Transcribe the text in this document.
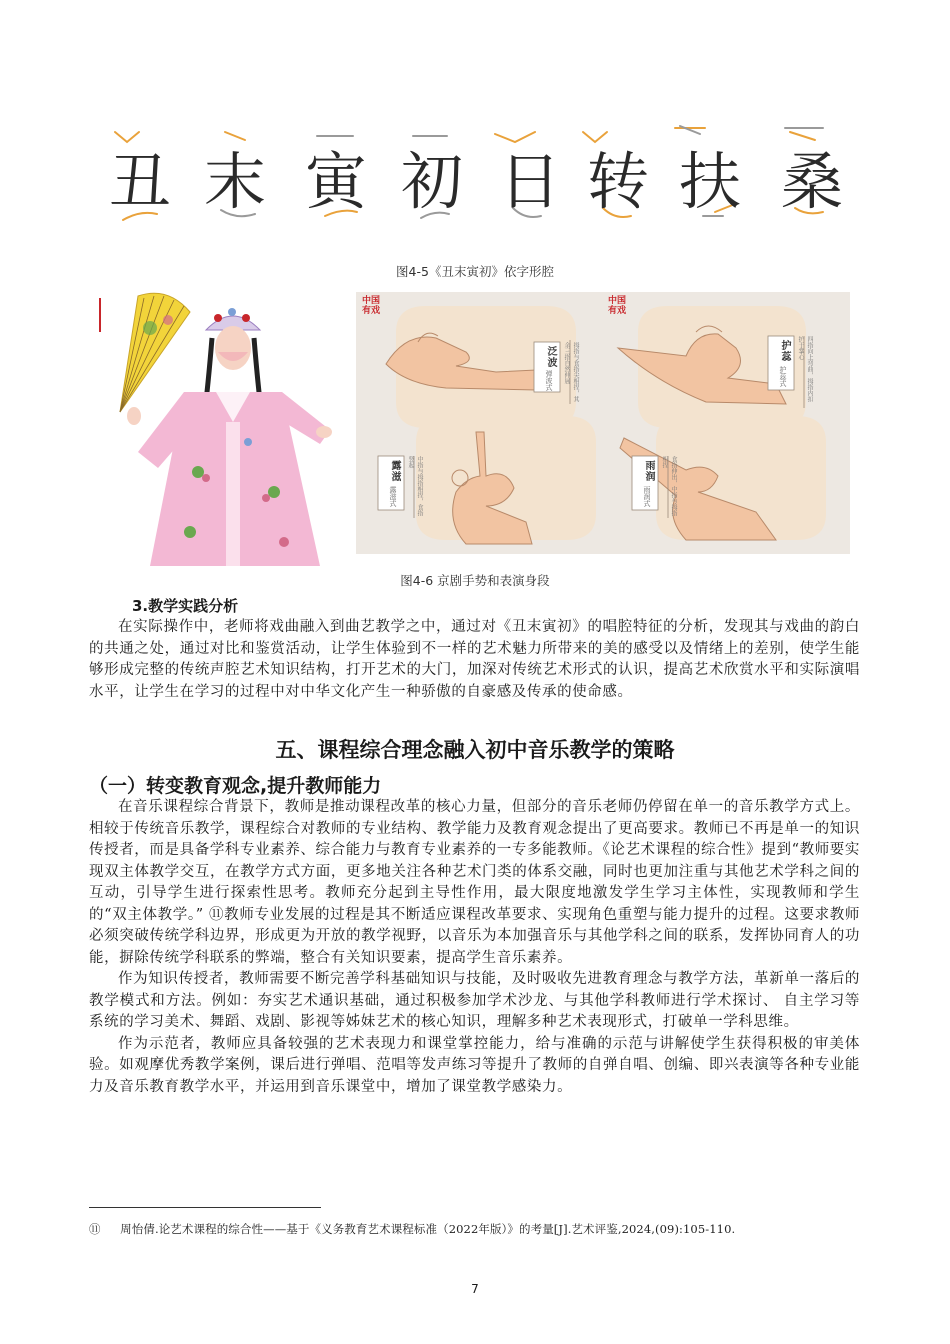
丑 末 寅 初 日 转 扶 桑
图4-5《丑末寅初》依字形腔
中国
有戏
中国
有戏
泛波
弹波式	拇指与食指尖相捏，其余三指自然伸展	护蕊
护蕊式	四指向上弯曲，拇指内扣护于掌心
露滋
露滋式	中指与拇指相捏，食指竖起	雨润
雨润式	食指伸出，中指与拇指相捏
图4-6 京剧手势和表演身段
3.教学实践分析
在实际操作中，老师将戏曲融入到曲艺教学之中，通过对《丑末寅初》的唱腔特征的分析，发现其与戏曲的韵白的共通之处，通过对比和鉴赏活动，让学生体验到不一样的艺术魅力所带来的美的感受以及情绪上的差别，使学生能够形成完整的传统声腔艺术知识结构，打开艺术的大门，加深对传统艺术形式的认识，提高艺术欣赏水平和实际演唱水平，让学生在学习的过程中对中华文化产生一种骄傲的自豪感及传承的使命感。
五、课程综合理念融入初中音乐教学的策略
（一）转变教育观念,提升教师能力
在音乐课程综合背景下，教师是推动课程改革的核心力量，但部分的音乐老师仍停留在单一的音乐教学方式上。相较于传统音乐教学，课程综合对教师的专业结构、教学能力及教育观念提出了更高要求。教师已不再是单一的知识传授者，而是具备学科专业素养、综合能力与教育专业素养的一专多能教师。《论艺术课程的综合性》提到“教师要实现双主体教学交互，在教学方式方面，更多地关注各种艺术门类的体系交融，同时也更加注重与其他艺术学科之间的互动，引导学生进行探索性思考。教师充分起到主导性作用，最大限度地激发学生学习主体性，实现教师和学生的“双主体教学。” ⑪教师专业发展的过程是其不断适应课程改革要求、实现角色重塑与能力提升的过程。这要求教师必须突破传统学科边界，形成更为开放的教学视野，以音乐为本加强音乐与其他学科之间的联系，发挥协同育人的功能，摒除传统学科联系的弊端，整合有关知识要素，提高学生音乐素养。
作为知识传授者，教师需要不断完善学科基础知识与技能，及时吸收先进教育理念与教学方法，革新单一落后的教学模式和方法。例如：夯实艺术通识基础，通过积极参加学术沙龙、与其他学科教师进行学术探讨、 自主学习等系统的学习美术、舞蹈、戏剧、影视等姊妹艺术的核心知识，理解多种艺术表现形式，打破单一学科思维。
作为示范者，教师应具备较强的艺术表现力和课堂掌控能力，给与准确的示范与讲解使学生获得积极的审美体验。如观摩优秀教学案例，课后进行弹唱、范唱等发声练习等提升了教师的自弹自唱、创编、即兴表演等各种专业能力及音乐教育教学水平，并运用到音乐课堂中，增加了课堂教学感染力。
⑪ 周怡倩.论艺术课程的综合性——基于《义务教育艺术课程标准（2022年版）》的考量[J].艺术评鉴,2024,(09):105-110.
7
